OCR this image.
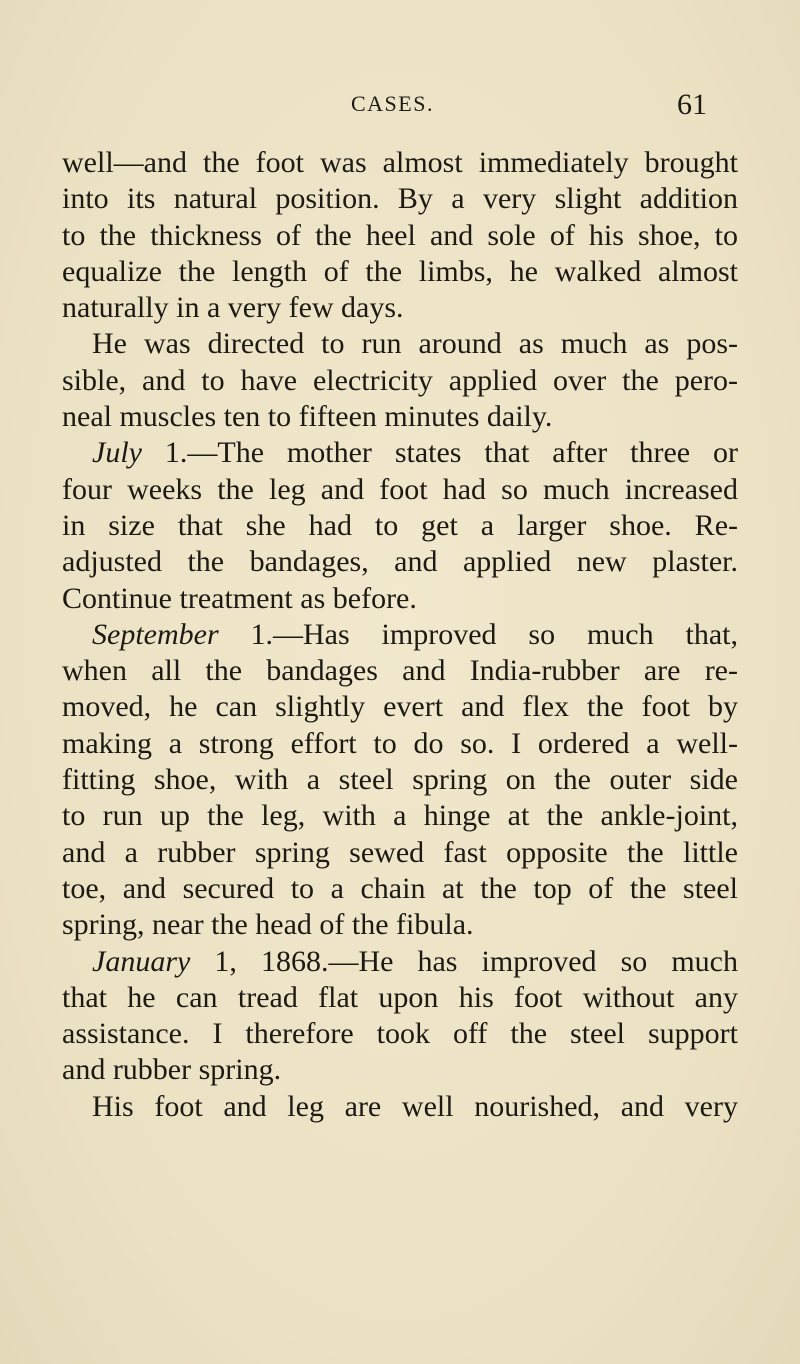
CASES.	61
well—and the foot was almost immediately brought
into its natural position. By a very slight addition
to the thickness of the heel and sole of his shoe, to
equalize the length of the limbs, he walked almost
naturally in a very few days.
He was directed to run around as much as pos-
sible, and to have electricity applied over the pero-
neal muscles ten to fifteen minutes daily.
July 1.—The mother states that after three or
four weeks the leg and foot had so much increased
in size that she had to get a larger shoe. Re-
adjusted the bandages, and applied new plaster.
Continue treatment as before.
September 1.—Has improved so much that,
when all the bandages and India-rubber are re-
moved, he can slightly evert and flex the foot by
making a strong effort to do so. I ordered a well-
fitting shoe, with a steel spring on the outer side
to run up the leg, with a hinge at the ankle-joint,
and a rubber spring sewed fast opposite the little
toe, and secured to a chain at the top of the steel
spring, near the head of the fibula.
January 1, 1868.—He has improved so much
that he can tread flat upon his foot without any
assistance. I therefore took off the steel support
and rubber spring.
His foot and leg are well nourished, and very
